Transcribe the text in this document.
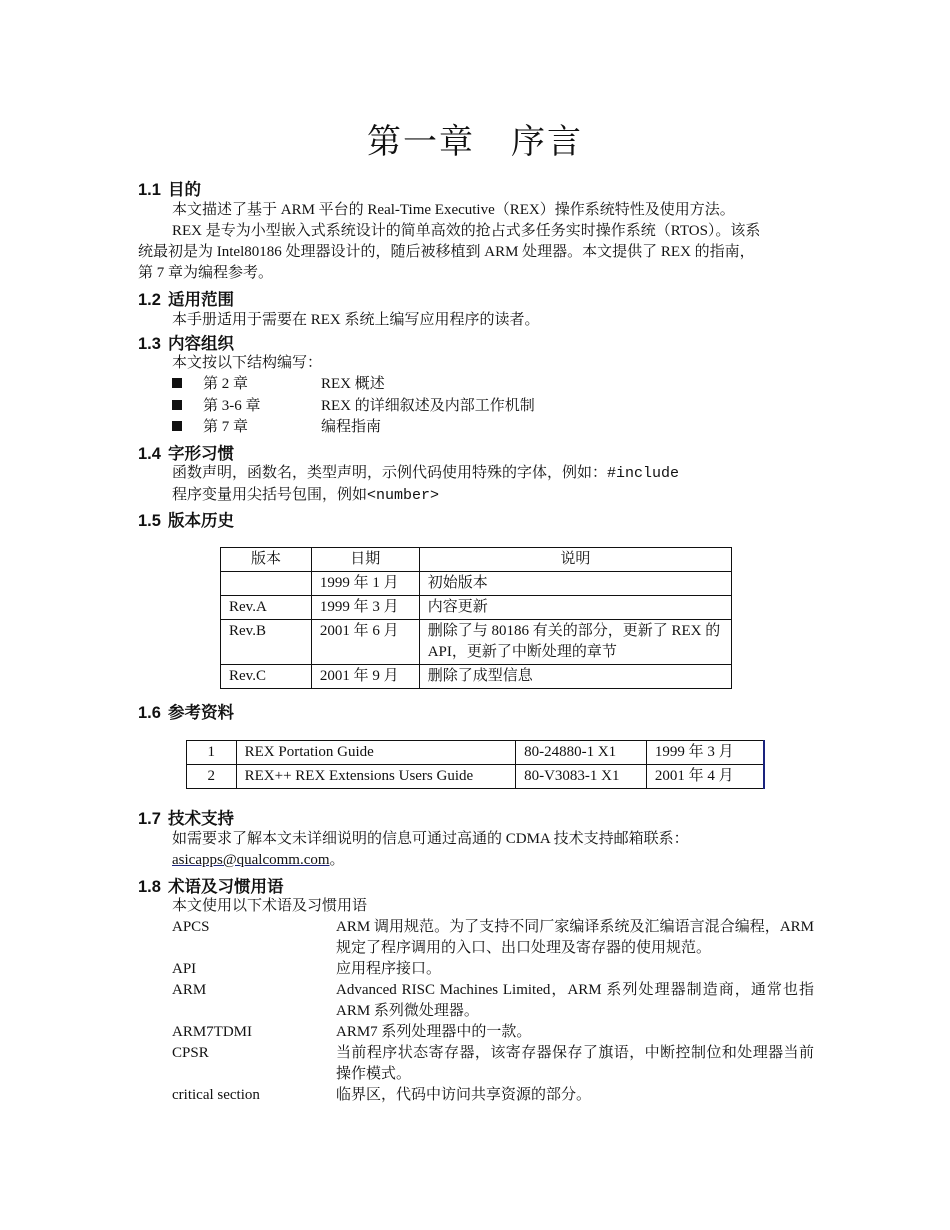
第一章　序言
1.1 目的
本文描述了基于 ARM 平台的 Real-Time Executive（REX）操作系统特性及使用方法。
REX 是专为小型嵌入式系统设计的简单高效的抢占式多任务实时操作系统（RTOS）。该系
统最初是为 Intel80186 处理器设计的，随后被移植到 ARM 处理器。本文提供了 REX 的指南，
第 7 章为编程参考。
1.2 适用范围
本手册适用于需要在 REX 系统上编写应用程序的读者。
1.3 内容组织
本文按以下结构编写：
第 2 章	REX 概述
第 3-6 章	REX 的详细叙述及内部工作机制
第 7 章	编程指南
1.4 字形习惯
函数声明，函数名，类型声明，示例代码使用特殊的字体，例如：#include
程序变量用尖括号包围，例如<number>
1.5 版本历史
版本	日期	说明
	1999 年 1 月	初始版本
Rev.A	1999 年 3 月	内容更新
Rev.B	2001 年 6 月	删除了与 80186 有关的部分，更新了 REX 的 API，更新了中断处理的章节
Rev.C	2001 年 9 月	删除了成型信息
1.6 参考资料
1	REX Portation Guide	80-24880-1 X1	1999 年 3 月
2	REX++ REX Extensions Users Guide	80-V3083-1 X1	2001 年 4 月
1.7 技术支持
如需要求了解本文未详细说明的信息可通过高通的 CDMA 技术支持邮箱联系：
asicapps@qualcomm.com。
1.8 术语及习惯用语
本文使用以下术语及习惯用语
APCS	ARM 调用规范。为了支持不同厂家编译系统及汇编语言混合编程，ARM 规定了程序调用的入口、出口处理及寄存器的使用规范。
API	应用程序接口。
ARM	Advanced RISC Machines Limited，ARM 系列处理器制造商，通常也指 ARM 系列微处理器。
ARM7TDMI	ARM7 系列处理器中的一款。
CPSR	当前程序状态寄存器，该寄存器保存了旗语，中断控制位和处理器当前操作模式。
critical section	临界区，代码中访问共享资源的部分。
